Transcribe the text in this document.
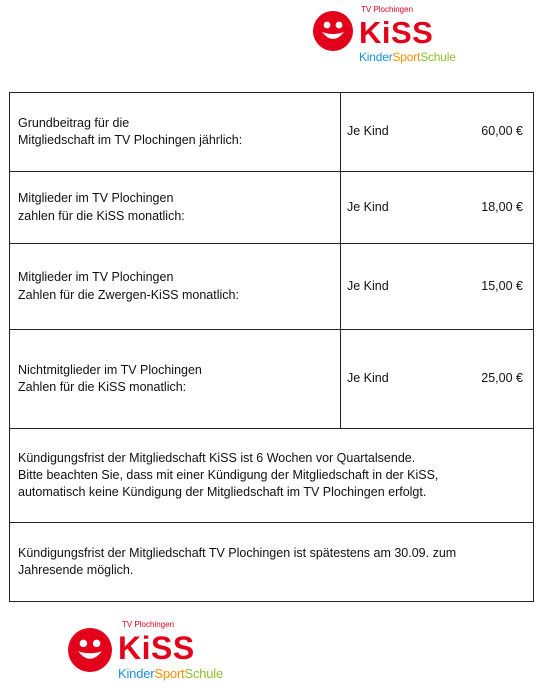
TV Plochingen
KiSS
KinderSportSchule
Grundbeitrag für die
Mitgliedschaft im TV Plochingen jährlich:	Je Kind 60,00 €

Mitglieder im TV Plochingen
zahlen für die KiSS monatlich:	Je Kind 18,00 €

Mitglieder im TV Plochingen
Zahlen für die Zwergen-KiSS monatlich:	Je Kind 15,00 €

Nichtmitglieder im TV Plochingen
Zahlen für die KiSS monatlich:	Je Kind 25,00 €

Kündigungsfrist der Mitgliedschaft KiSS ist 6 Wochen vor Quartalsende.
Bitte beachten Sie, dass mit einer Kündigung der Mitgliedschaft in der KiSS,
automatisch keine Kündigung der Mitgliedschaft im TV Plochingen erfolgt.	

Kündigungsfrist der Mitgliedschaft TV Plochingen ist spätestens am 30.09. zum
Jahresende möglich.	
TV Plochingen
KiSS
KinderSportSchule
